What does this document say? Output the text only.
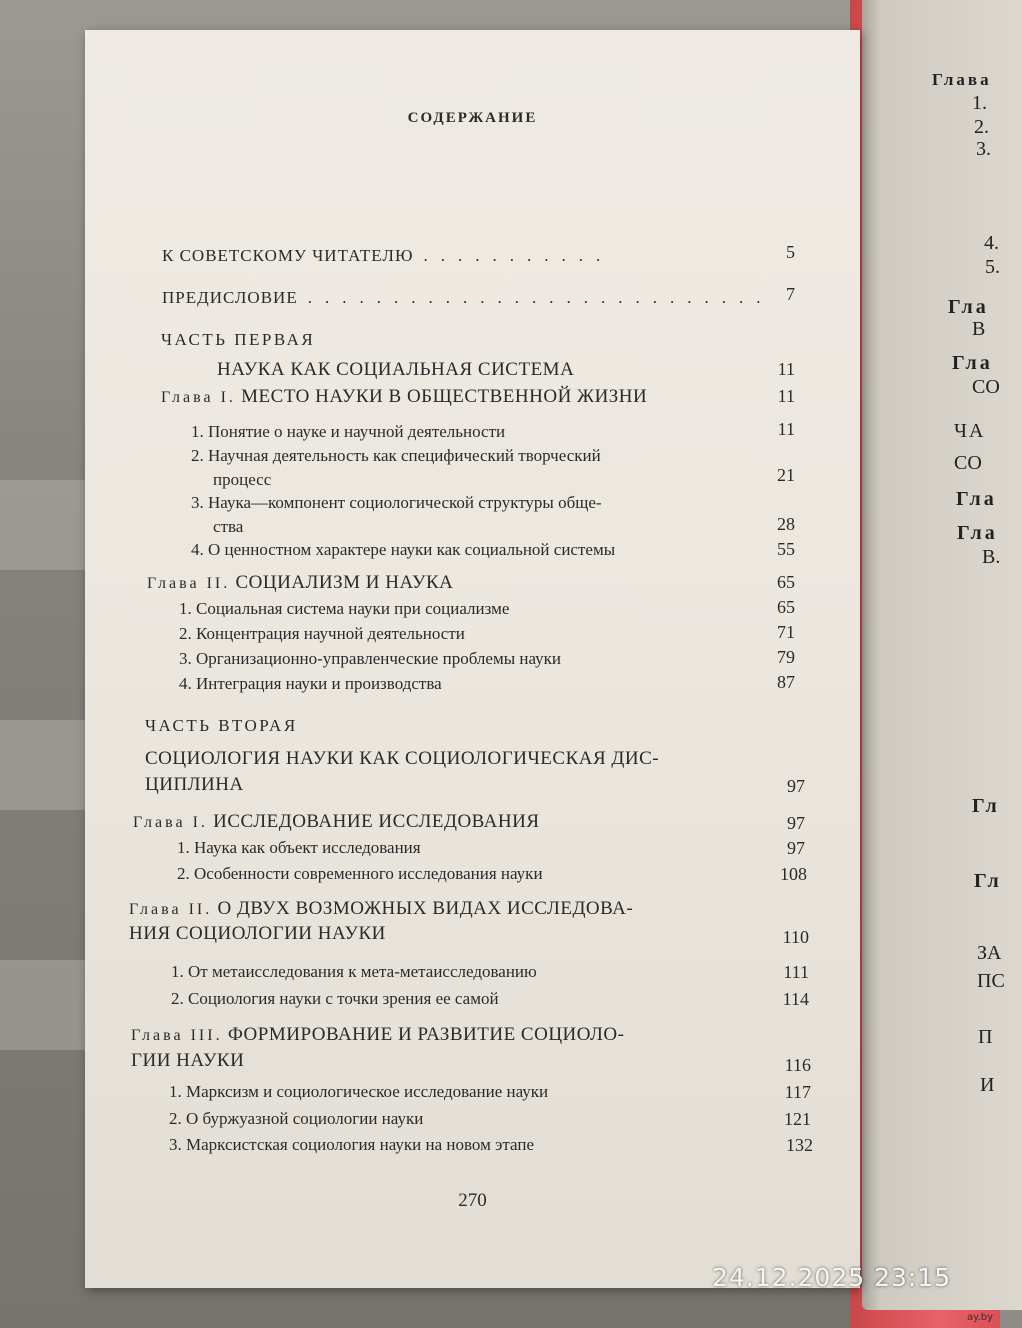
Глава
1.
2.
3.
4.
5.
Гла
В
Гла
СО
ЧА
СО
Гла
Гла
В.
Гл
Гл
ЗА
ПС
П
И
СОДЕРЖАНИЕ
К СОВЕТСКОМУ ЧИТАТЕЛЮ ...........	5
ПРЕДИСЛОВИЕ ........................... 7
ЧАСТЬ ПЕРВАЯ
НАУКА КАК СОЦИАЛЬНАЯ СИСТЕМА	11
Глава I. МЕСТО НАУКИ В ОБЩЕСТВЕННОЙ ЖИЗНИ	11
1. Понятие о науке и научной деятельности	11
2. Научная деятельность как специфический творческий
процесс	21
3. Наука—компонент социологической структуры обще-
ства	28
4. О ценностном характере науки как социальной системы	55
Глава II. СОЦИАЛИЗМ И НАУКА	65
1. Социальная система науки при социализме	65
2. Концентрация научной деятельности	71
3. Организационно-управленческие проблемы науки	79
4. Интеграция науки и производства	87
ЧАСТЬ ВТОРАЯ
СОЦИОЛОГИЯ НАУКИ КАК СОЦИОЛОГИЧЕСКАЯ ДИС-
ЦИПЛИНА	97
Глава I. ИССЛЕДОВАНИЕ ИССЛЕДОВАНИЯ	97
1. Наука как объект исследования	97
2. Особенности современного исследования науки	108
Глава II. О ДВУХ ВОЗМОЖНЫХ ВИДАХ ИССЛЕДОВА-
НИЯ СОЦИОЛОГИИ НАУКИ	110
1. От метаисследования к мета-метаисследованию	111
2. Социология науки с точки зрения ее самой	114
Глава III. ФОРМИРОВАНИЕ И РАЗВИТИЕ СОЦИОЛО-
ГИИ НАУКИ	116
1. Марксизм и социологическое исследование науки	117
2. О буржуазной социологии науки	121
3. Марксистская социология науки на новом этапе	132
270
24.12.2025 23:15
ay.by
